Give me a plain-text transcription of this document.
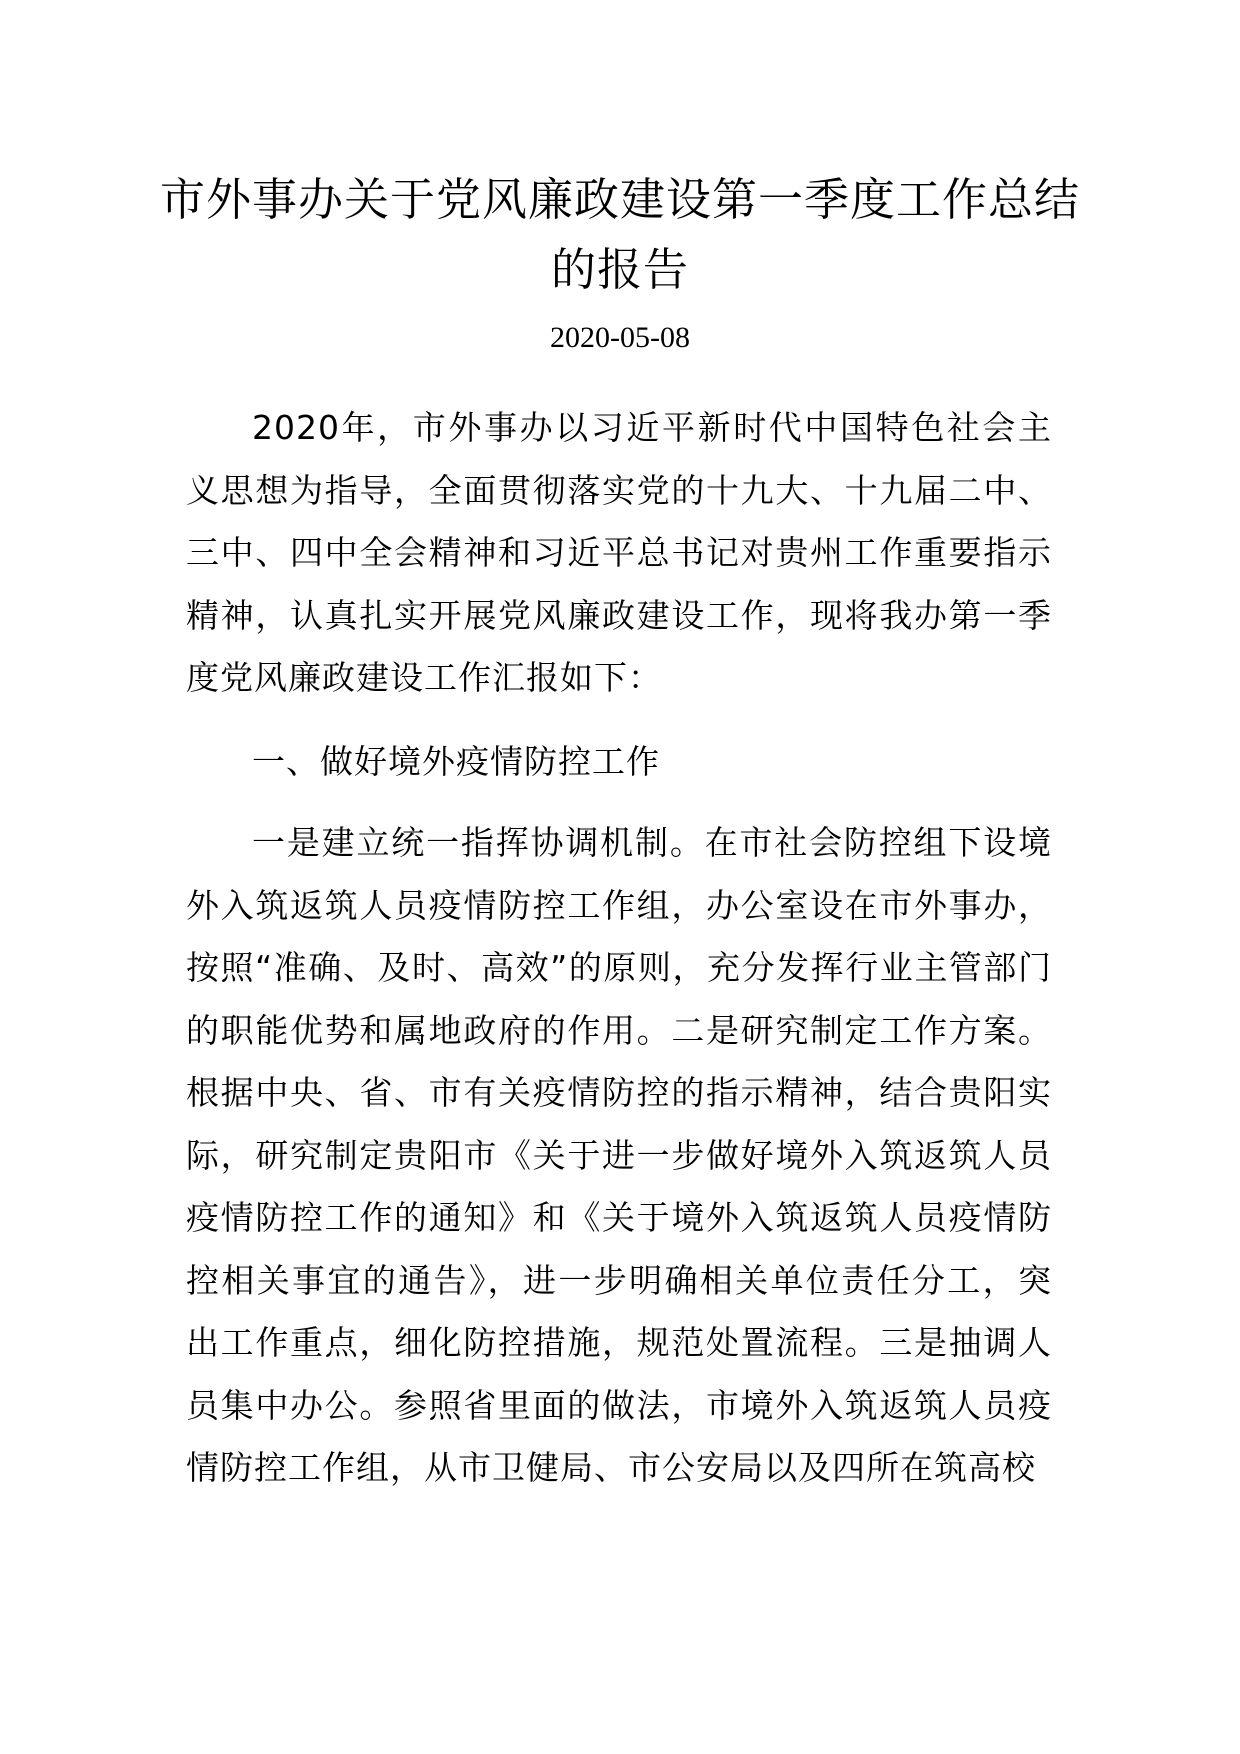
市外事办关于党风廉政建设第一季度工作总结的报告
2020-05-08

2020年，市外事办以习近平新时代中国特色社会主义思想为指导，全面贯彻落实党的十九大、十九届二中、三中、四中全会精神和习近平总书记对贵州工作重要指示精神，认真扎实开展党风廉政建设工作，现将我办第一季度党风廉政建设工作汇报如下：

一、做好境外疫情防控工作

一是建立统一指挥协调机制。在市社会防控组下设境外入筑返筑人员疫情防控工作组，办公室设在市外事办，按照“准确、及时、高效”的原则，充分发挥行业主管部门的职能优势和属地政府的作用。二是研究制定工作方案。根据中央、省、市有关疫情防控的指示精神，结合贵阳实际，研究制定贵阳市《关于进一步做好境外入筑返筑人员疫情防控工作的通知》和《关于境外入筑返筑人员疫情防控相关事宜的通告》，进一步明确相关单位责任分工，突出工作重点，细化防控措施，规范处置流程。三是抽调人员集中办公。参照省里面的做法，市境外入筑返筑人员疫情防控工作组，从市卫健局、市公安局以及四所在筑高校
